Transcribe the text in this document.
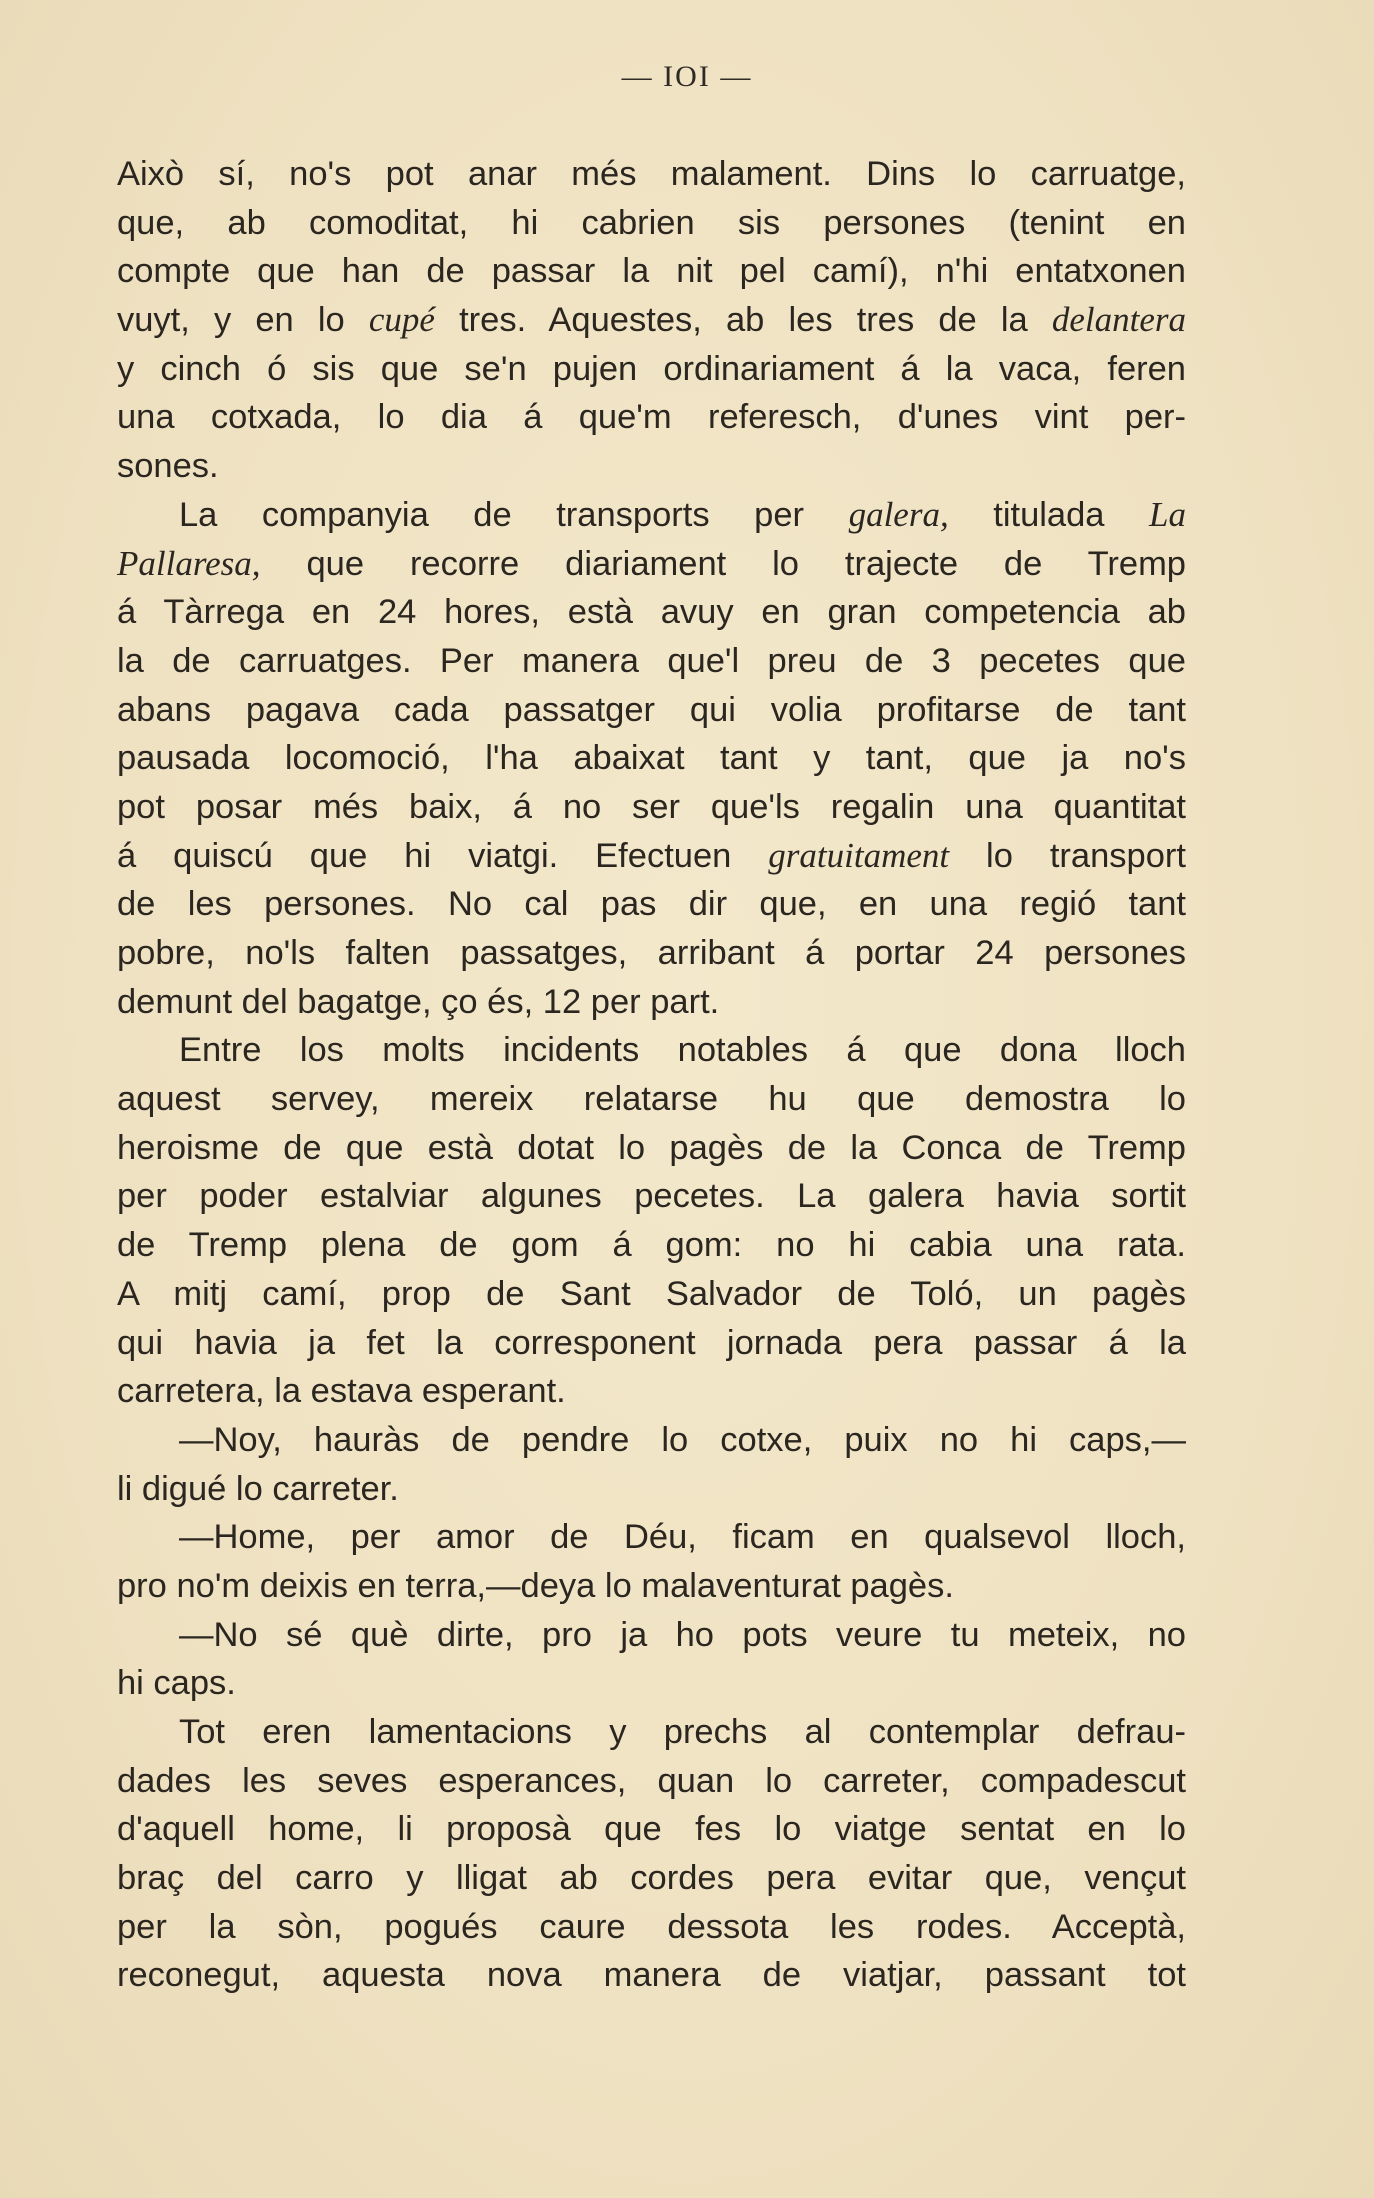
— IOI —
Això sí, no's pot anar més malament. Dins lo carruatge,
que, ab comoditat, hi cabrien sis persones (tenint en
compte que han de passar la nit pel camí), n'hi entatxonen
vuyt, y en lo cupé tres. Aquestes, ab les tres de la delantera
y cinch ó sis que se'n pujen ordinariament á la vaca, feren
una cotxada, lo dia á que'm referesch, d'unes vint per-
sones.
La companyia de transports per galera, titulada La
Pallaresa, que recorre diariament lo trajecte de Tremp
á Tàrrega en 24 hores, està avuy en gran competencia ab
la de carruatges. Per manera que'l preu de 3 pecetes que
abans pagava cada passatger qui volia profitarse de tant
pausada locomoció, l'ha abaixat tant y tant, que ja no's
pot posar més baix, á no ser que'ls regalin una quantitat
á quiscú que hi viatgi. Efectuen gratuitament lo transport
de les persones. No cal pas dir que, en una regió tant
pobre, no'ls falten passatges, arribant á portar 24 persones
demunt del bagatge, ço és, 12 per part.
Entre los molts incidents notables á que dona lloch
aquest servey, mereix relatarse hu que demostra lo
heroisme de que està dotat lo pagès de la Conca de Tremp
per poder estalviar algunes pecetes. La galera havia sortit
de Tremp plena de gom á gom: no hi cabia una rata.
A mitj camí, prop de Sant Salvador de Toló, un pagès
qui havia ja fet la corresponent jornada pera passar á la
carretera, la estava esperant.
—Noy, hauràs de pendre lo cotxe, puix no hi caps,—
li digué lo carreter.
—Home, per amor de Déu, ficam en qualsevol lloch,
pro no'm deixis en terra,—deya lo malaventurat pagès.
—No sé què dirte, pro ja ho pots veure tu meteix, no
hi caps.
Tot eren lamentacions y prechs al contemplar defrau-
dades les seves esperances, quan lo carreter, compadescut
d'aquell home, li proposà que fes lo viatge sentat en lo
braç del carro y lligat ab cordes pera evitar que, vençut
per la sòn, pogués caure dessota les rodes. Acceptà,
reconegut, aquesta nova manera de viatjar, passant tot
